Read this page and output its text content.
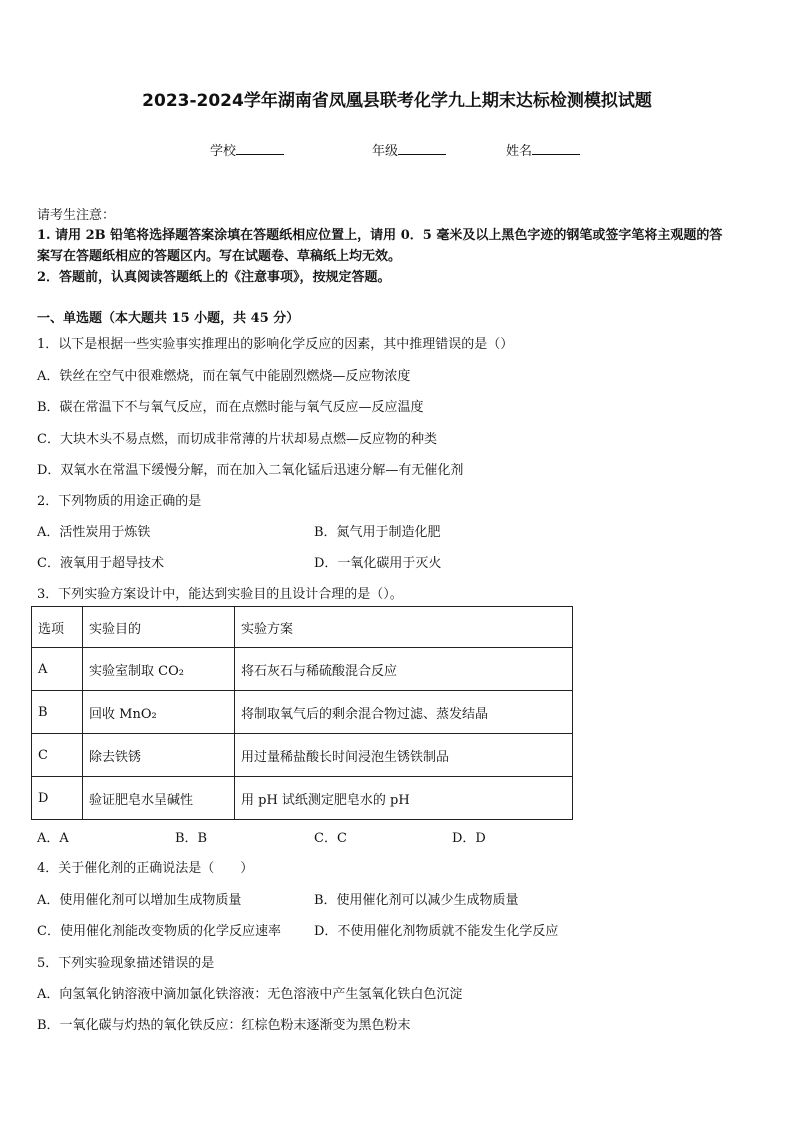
2023-2024学年湖南省凤凰县联考化学九上期末达标检测模拟试题
学校	年级	姓名
请考生注意：
1. 请用 2B 铅笔将选择题答案涂填在答题纸相应位置上，请用 0．5 毫米及以上黑色字迹的钢笔或签字笔将主观题的答
案写在答题纸相应的答题区内。写在试题卷、草稿纸上均无效。
2．答题前，认真阅读答题纸上的《注意事项》，按规定答题。
一、单选题（本大题共 15 小题，共 45 分）
1．以下是根据一些实验事实推理出的影响化学反应的因素，其中推理错误的是（）
A．铁丝在空气中很难燃烧，而在氧气中能剧烈燃烧—反应物浓度
B．碳在常温下不与氧气反应，而在点燃时能与氧气反应—反应温度
C．大块木头不易点燃，而切成非常薄的片状却易点燃—反应物的种类
D．双氧水在常温下缓慢分解，而在加入二氧化锰后迅速分解—有无催化剂
2．下列物质的用途正确的是
A．活性炭用于炼铁	B．氮气用于制造化肥
C．液氧用于超导技术	D．一氧化碳用于灭火
3．下列实验方案设计中，能达到实验目的且设计合理的是（）。
选项	实验目的	实验方案
A	实验室制取 CO₂	将石灰石与稀硫酸混合反应
B	回收 MnO₂	将制取氧气后的剩余混合物过滤、蒸发结晶
C	除去铁锈	用过量稀盐酸长时间浸泡生锈铁制品
D	验证肥皂水呈碱性	用 pH 试纸测定肥皂水的 pH
A．A	B．B	C．C	D．D
4．关于催化剂的正确说法是（　　）
A．使用催化剂可以增加生成物质量	B．使用催化剂可以减少生成物质量
C．使用催化剂能改变物质的化学反应速率	D．不使用催化剂物质就不能发生化学反应
5．下列实验现象描述错误的是
A．向氢氧化钠溶液中滴加氯化铁溶液：无色溶液中产生氢氧化铁白色沉淀
B．一氧化碳与灼热的氧化铁反应：红棕色粉末逐渐变为黑色粉末
